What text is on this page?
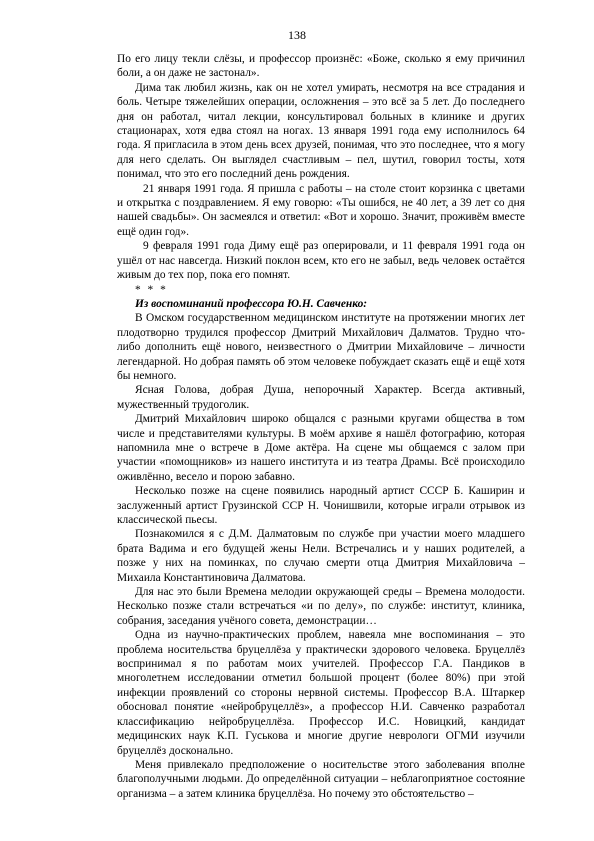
138

По его лицу текли слёзы, и профессор произнёс: «Боже, сколько я ему причинил боли, а он даже не застонал».

Дима так любил жизнь, как он не хотел умирать, несмотря на все страдания и боль. Четыре тяжелейших операции, осложнения – это всё за 5 лет. До последнего дня он работал, читал лекции, консультировал больных в клинике и других стационарах, хотя едва стоял на ногах. 13 января 1991 года ему исполнилось 64 года. Я пригласила в этом день всех друзей, понимая, что это последнее, что я могу для него сделать. Он выглядел счастливым – пел, шутил, говорил тосты, хотя понимал, что это его последний день рождения.

21 января 1991 года. Я пришла с работы – на столе стоит корзинка с цветами и открытка с поздравлением. Я ему говорю: «Ты ошибся, не 40 лет, а 39 лет со дня нашей свадьбы». Он засмеялся и ответил: «Вот и хорошо. Значит, проживём вместе ещё один год».

9 февраля 1991 года Диму ещё раз оперировали, и 11 февраля 1991 года он ушёл от нас навсегда. Низкий поклон всем, кто его не забыл, ведь человек остаётся живым до тех пор, пока его помнят.

* * *

Из воспоминаний профессора Ю.Н. Савченко:

В Омском государственном медицинском институте на протяжении многих лет плодотворно трудился профессор Дмитрий Михайлович Далматов. Трудно что-либо дополнить ещё нового, неизвестного о Дмитрии Михайловиче – личности легендарной. Но добрая память об этом человеке побуждает сказать ещё и ещё хотя бы немного.

Ясная Голова, добрая Душа, непорочный Характер. Всегда активный, мужественный трудоголик.

Дмитрий Михайлович широко общался с разными кругами общества в том числе и представителями культуры. В моём архиве я нашёл фотографию, которая напомнила мне о встрече в Доме актёра. На сцене мы общаемся с залом при участии «помощников» из нашего института и из театра Драмы. Всё происходило оживлённо, весело и порою забавно.

Несколько позже на сцене появились народный артист СССР Б. Каширин и заслуженный артист Грузинской ССР Н. Чонишвили, которые играли отрывок из классической пьесы.

Познакомился я с Д.М. Далматовым по службе при участии моего младшего брата Вадима и его будущей жены Нели. Встречались и у наших родителей, а позже у них на поминках, по случаю смерти отца Дмитрия Михайловича – Михаила Константиновича Далматова.

Для нас это были Времена мелодии окружающей среды – Времена молодости. Несколько позже стали встречаться «и по делу», по службе: институт, клиника, собрания, заседания учёного совета, демонстрации…

Одна из научно-практических проблем, навеяла мне воспоминания – это проблема носительства бруцеллёза у практически здорового человека. Бруцеллёз воспринимал я по работам моих учителей. Профессор Г.А. Пандиков в многолетнем исследовании отметил большой процент (более 80%) при этой инфекции проявлений со стороны нервной системы. Профессор В.А. Штаркер обосновал понятие «нейробруцеллёз», а профессор Н.И. Савченко разработал классификацию нейробруцеллёза. Профессор И.С. Новицкий, кандидат медицинских наук К.П. Гуськова и многие другие неврологи ОГМИ изучили бруцеллёз досконально.

Меня привлекало предположение о носительстве этого заболевания вполне благополучными людьми. До определённой ситуации – неблагоприятное состояние организма – а затем клиника бруцеллёза. Но почему это обстоятельство –
